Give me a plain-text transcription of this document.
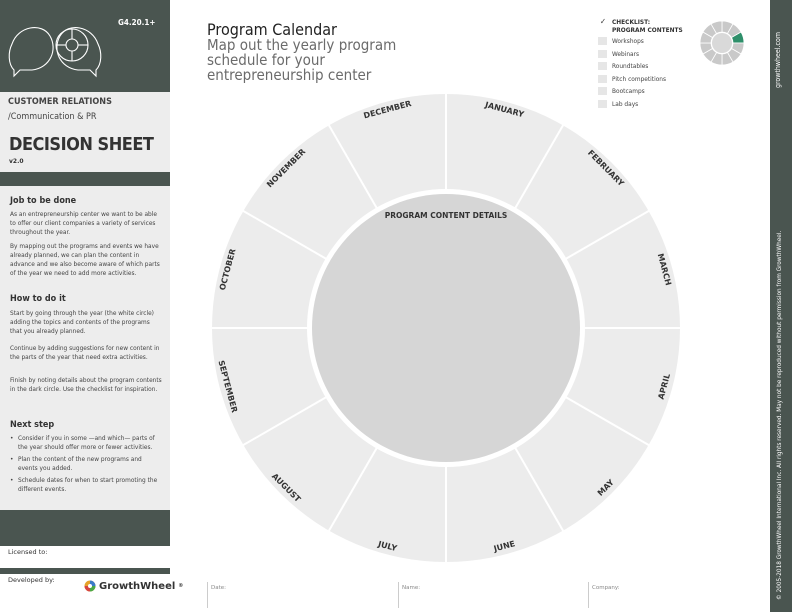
G4.20.1+
CUSTOMER RELATIONS
/Communication & PR
DECISION SHEET
v2.0
Job to be done

As an entrepreneurship center we want to be able to offer our client companies a variety of services throughout the year.

By mapping out the programs and events we have already planned, we can plan the content in advance and we also become aware of which parts of the year we need to add more activities.

How to do it

Start by going through the year (the white circle) adding the topics and contents of the programs that you already planned.

Continue by adding suggestions for new content in the parts of the year that need extra activities.

Finish by noting details about the program contents in the dark circle. Use the checklist for inspiration.

Next step
• Consider if you in some —and which— parts of the year should offer more or fewer activities.
• Plan the content of the new programs and events you added.
• Schedule dates for when to start promoting the different events.
Licensed to:
Developed by:
GrowthWheel ®
growthwheel.com
© 2005-2018 GrowthWheel International Inc. All rights reserved. May not be reproduced without permission from GrowthWheel.
Program Calendar
Map out the yearly program schedule for your entrepreneurship center
✓ CHECKLIST:
PROGRAM CONTENTS
Workshops
Webinars
Roundtables
Pitch competitions
Bootcamps
Lab days
PROGRAM CONTENT DETAILS
JANUARY
FEBRUARY
MARCH
APRIL
MAY
JUNE
JULY
AUGUST
SEPTEMBER
OCTOBER
NOVEMBER
DECEMBER
Date:	Name:	Company:
